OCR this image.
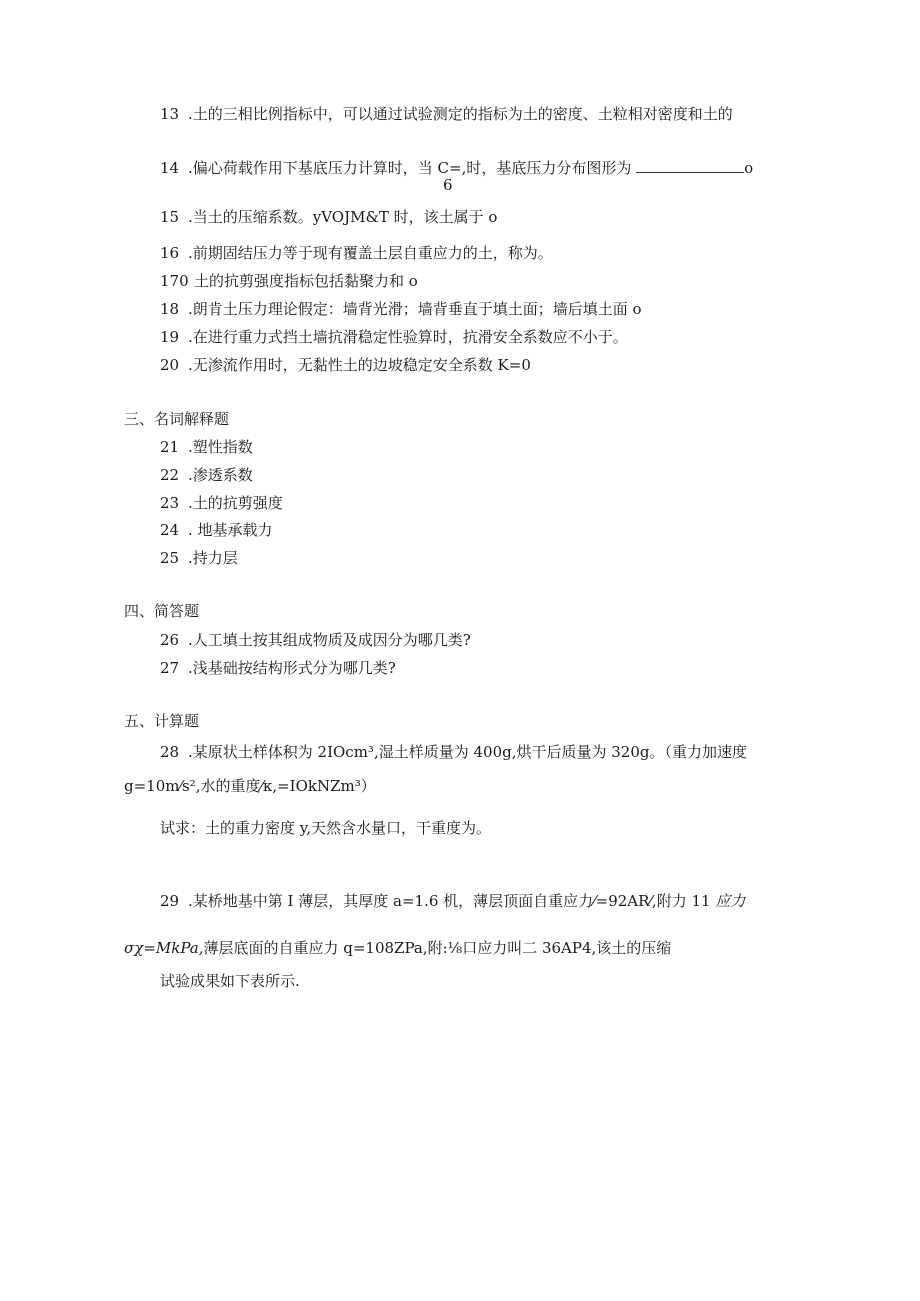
13 .土的三相比例指标中，可以通过试验测定的指标为土的密度、土粒相对密度和土的
14 .偏心荷载作用下基底压力计算时，当 C=,时，基底压力分布图形为	o
6
15 .当土的压缩系数。yVOJM&T 时，该土属于 o
16 .前期固结压力等于现有覆盖土层自重应力的土，称为。
170 土的抗剪强度指标包括黏聚力和 o
18 .朗肯土压力理论假定：墙背光滑；墙背垂直于填土面；墙后填土面 o
19 .在进行重力式挡土墙抗滑稳定性验算时，抗滑安全系数应不小于。
20 .无渗流作用时，无黏性土的边坡稳定安全系数 K=0
三、名词解释题
21 .塑性指数
22 .渗透系数
23 .土的抗剪强度
24 . 地基承载力
25 .持力层
四、简答题
26 .人工填土按其组成物质及成因分为哪几类?
27 .浅基础按结构形式分为哪几类?
五、计算题
28 .某原状土样体积为 2IOcm³,湿土样质量为 400g,烘干后质量为 320g。（重力加速度
g=10m⁄s²,水的重度⁄κ,=IOkNZm³）
试求：土的重力密度 y,天然含水量口，干重度为。
29 .某桥地基中第 I 薄层，其厚度 a=1.6 机，薄层顶面自重应力⁄=92AR⁄,附力 11 应力
σχ=MkPa,薄层底面的自重应力 q=108ZPa,附:⅛口应力叫二 36AP4,该土的压缩
试验成果如下表所示.
